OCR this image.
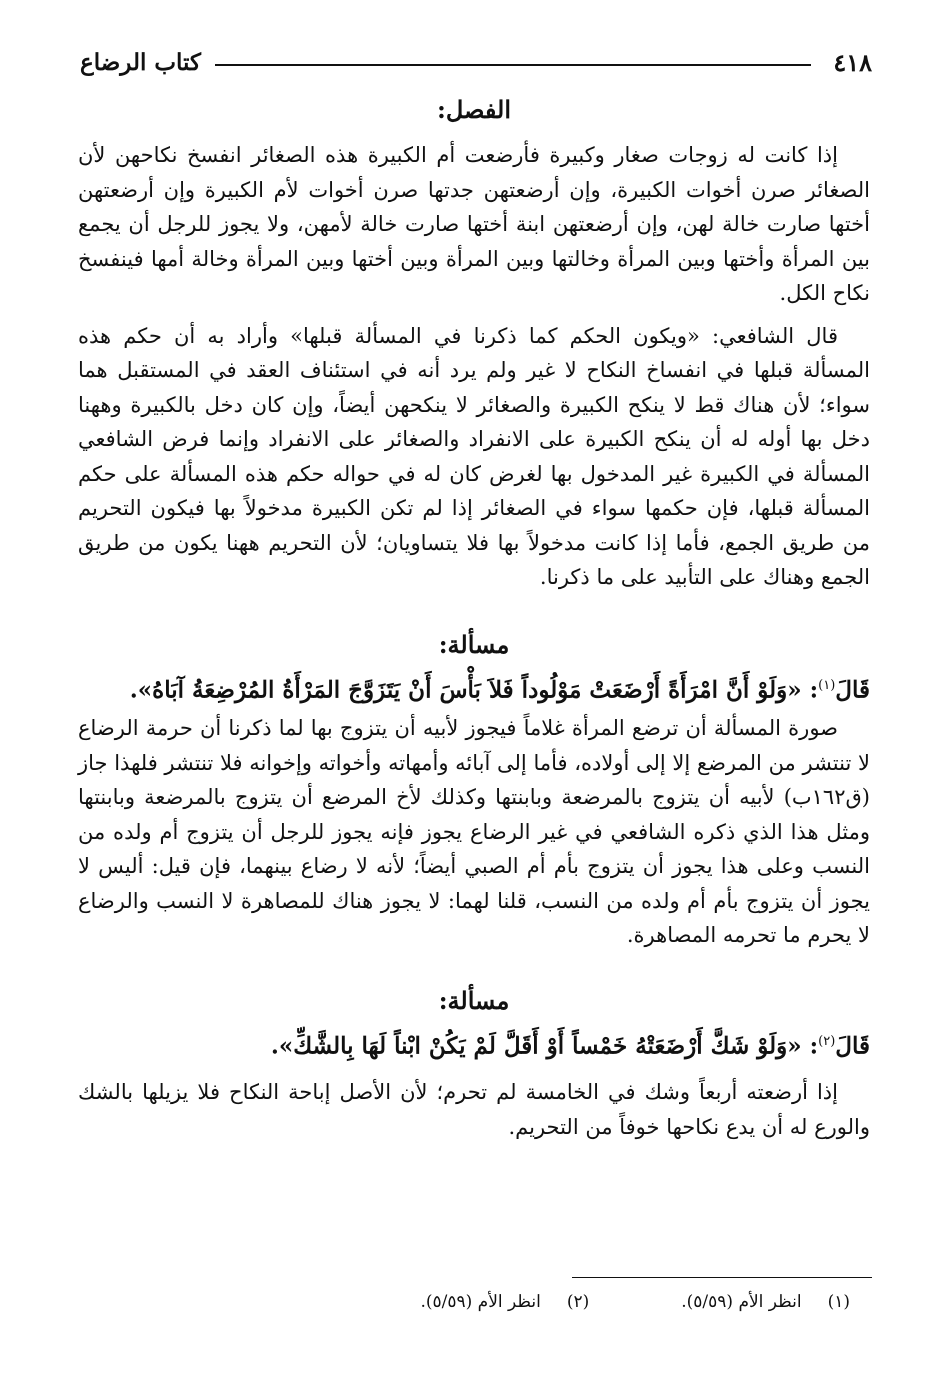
٤١٨
كتاب الرضاع
الفصل:

إذا كانت له زوجات صغار وكبيرة فأرضعت أم الكبيرة هذه الصغائر انفسخ نكاحهن لأن الصغائر صرن أخوات الكبيرة، وإن أرضعتهن جدتها صرن أخوات لأم الكبيرة وإن أرضعتهن أختها صارت خالة لهن، وإن أرضعتهن ابنة أختها صارت خالة لأمهن، ولا يجوز للرجل أن يجمع بين المرأة وأختها وبين المرأة وخالتها وبين المرأة وبين أختها وبين المرأة وخالة أمها فينفسخ نكاح الكل.

قال الشافعي: «ويكون الحكم كما ذكرنا في المسألة قبلها» وأراد به أن حكم هذه المسألة قبلها في انفساخ النكاح لا غير ولم يرد أنه في استئناف العقد في المستقبل هما سواء؛ لأن هناك قط لا ينكح الكبيرة والصغائر لا ينكحهن أيضاً، وإن كان دخل بالكبيرة وههنا دخل بها أوله له أن ينكح الكبيرة على الانفراد والصغائر على الانفراد وإنما فرض الشافعي المسألة في الكبيرة غير المدخول بها لغرض كان له في حواله حكم هذه المسألة على حكم المسألة قبلها، فإن حكمها سواء في الصغائر إذا لم تكن الكبيرة مدخولاً بها فيكون التحريم من طريق الجمع، فأما إذا كانت مدخولاً بها فلا يتساويان؛ لأن التحريم ههنا يكون من طريق الجمع وهناك على التأبيد على ما ذكرنا.

مسألة:

قَالَ$^{(١)}$: «وَلَوْ أَنَّ امْرَأَةً أَرْضَعَتْ مَوْلُوداً فَلاَ بَأْسَ أَنْ يَتَزَوَّجَ المَرْأَةُ المُرْضِعَةُ آبَاهُ».

صورة المسألة أن ترضع المرأة غلاماً فيجوز لأبيه أن يتزوج بها لما ذكرنا أن حرمة الرضاع لا تنتشر من المرضع إلا إلى أولاده، فأما إلى آبائه وأمهاته وأخواته وإخوانه فلا تنتشر فلهذا جاز (ق١٦٢ب) لأبيه أن يتزوج بالمرضعة وبابنتها وكذلك لأخ المرضع أن يتزوج بالمرضعة وبابنتها ومثل هذا الذي ذكره الشافعي في غير الرضاع يجوز فإنه يجوز للرجل أن يتزوج أم ولده من النسب وعلى هذا يجوز أن يتزوج بأم أم الصبي أيضاً؛ لأنه لا رضاع بينهما، فإن قيل: أليس لا يجوز أن يتزوج بأم أم ولده من النسب، قلنا لهما: لا يجوز هناك للمصاهرة لا النسب والرضاع لا يحرم ما تحرمه المصاهرة.

مسألة:

قَالَ$^{(٢)}$: «وَلَوْ شَكَّ أَرْضَعَتْهُ خَمْساً أَوْ أَقَلَّ لَمْ يَكُنْ ابْناً لَهَا بِالشَّكِّ».

إذا أرضعته أربعاً وشك في الخامسة لم تحرم؛ لأن الأصل إباحة النكاح فلا يزيلها بالشك والورع له أن يدع نكاحها خوفاً من التحريم.

(١)انظر الأم (٥/٥٩).
(٢)انظر الأم (٥/٥٩).
